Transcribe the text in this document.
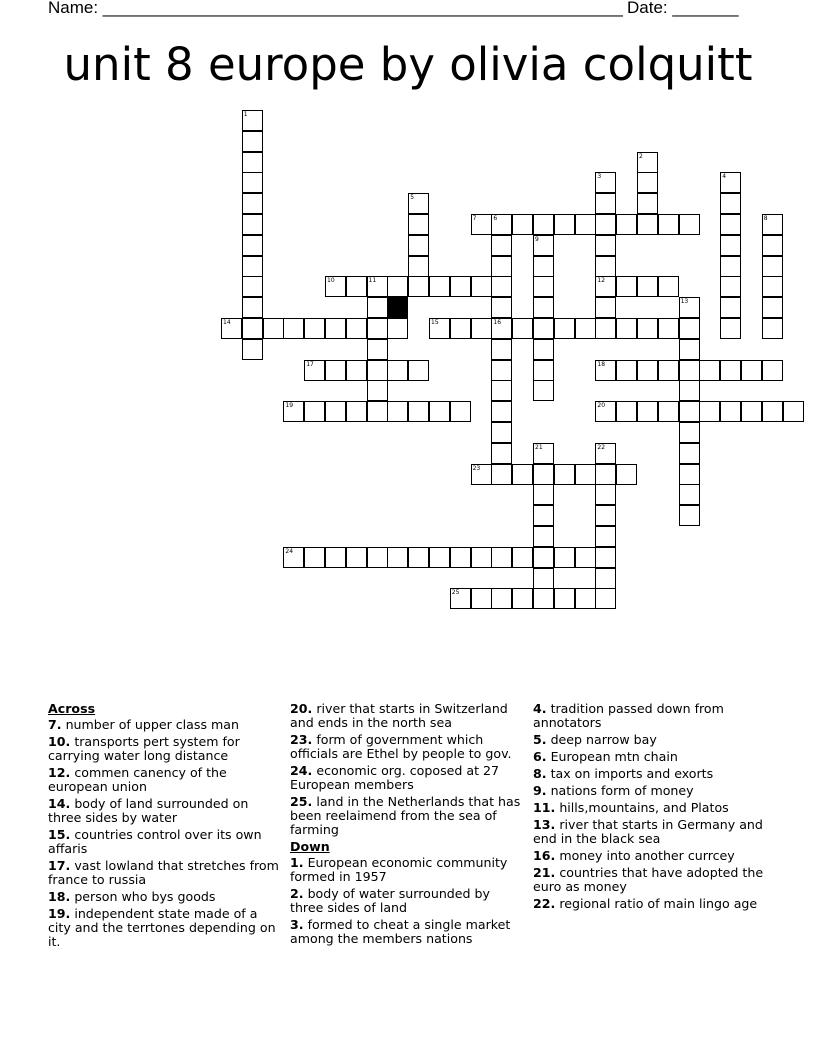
Name: _______________________________________________________ Date: _______
unit 8 europe by olivia colquitt
7
10	12
14	15
17	18
19	20
23
24
25
1
2
3	4
5
6	8
9
11
13
16
21	22
Across
7. number of upper class man
10. transports pert system for carrying water long distance
12. commen canency of the european union
14. body of land surrounded on three sides by water
15. countries control over its own affaris
17. vast lowland that stretches from france to russia
18. person who bys goods
19. independent state made of a city and the terrtones depending on it.
20. river that starts in Switzerland and ends in the north sea
23. form of government which officials are Ethel by people to gov.
24. economic org. coposed at 27 European members
25. land in the Netherlands that has been reelaimend from the sea of farming
Down
1. European economic community formed in 1957
2. body of water surrounded by three sides of land
3. formed to cheat a single market among the members nations
4. tradition passed down from annotators
5. deep narrow bay
6. European mtn chain
8. tax on imports and exorts
9. nations form of money
11. hills,mountains, and Platos
13. river that starts in Germany and end in the black sea
16. money into another currcey
21. countries that have adopted the euro as money
22. regional ratio of main lingo age
